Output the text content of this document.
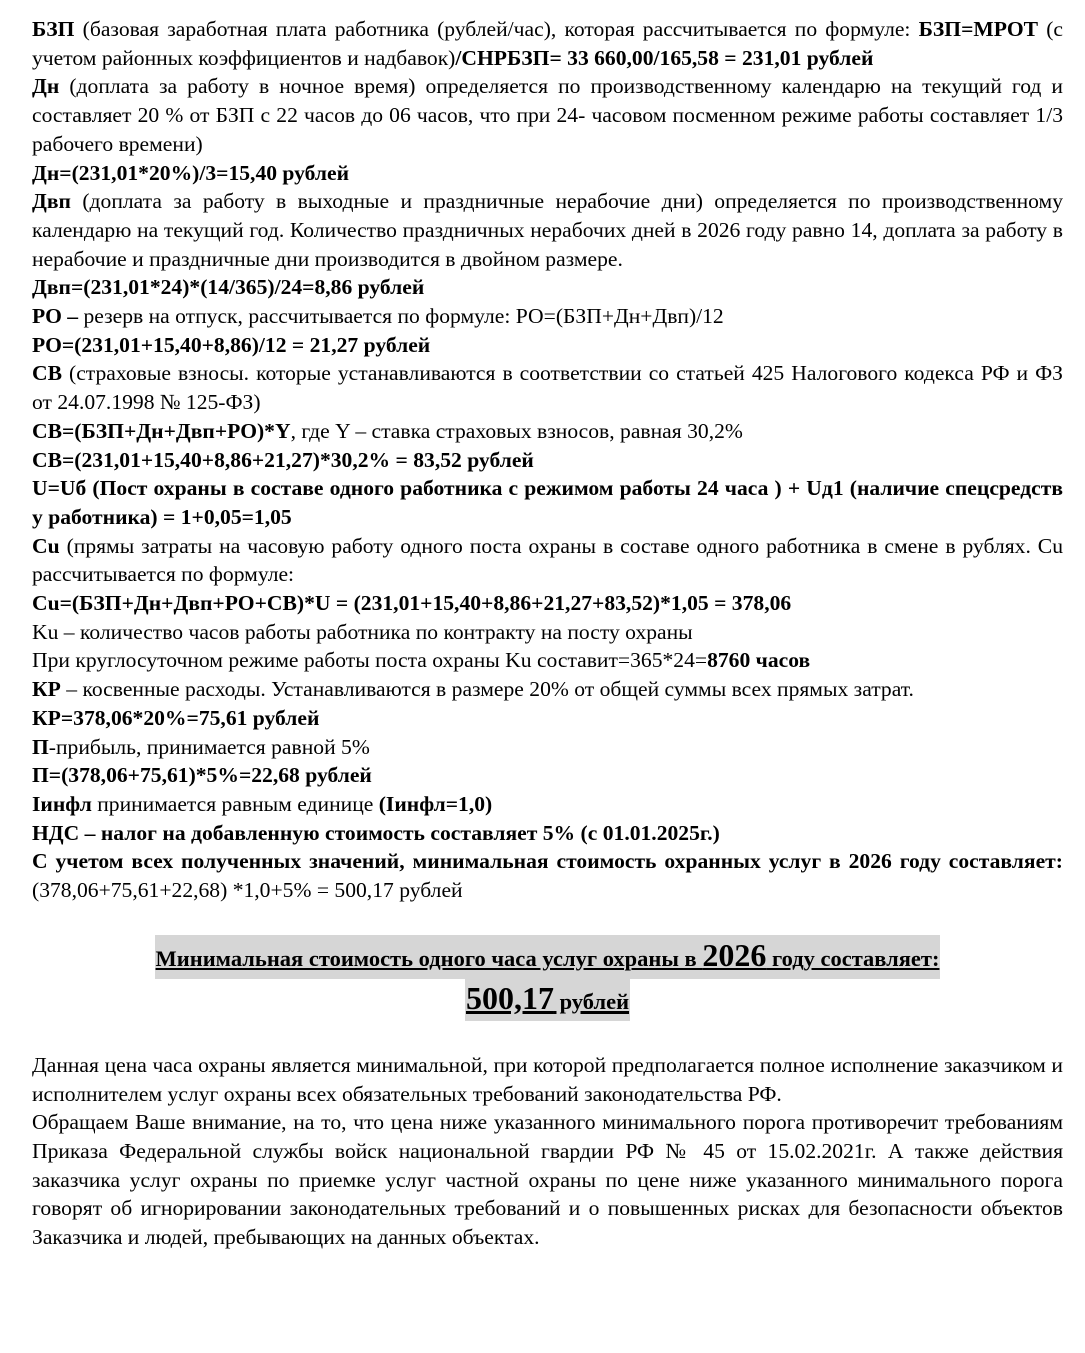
БЗП (базовая заработная плата работника (рублей/час), которая рассчитывается по формуле: БЗП=МРОТ (с учетом районных коэффициентов и надбавок)/СНРБЗП= 33 660,00/165,58 = 231,01 рублей

Дн (доплата за работу в ночное время) определяется по производственному календарю на текущий год и составляет 20 % от БЗП с 22 часов до 06 часов, что при 24- часовом посменном режиме работы составляет 1/3 рабочего времени)

Дн=(231,01*20%)/3=15,40 рублей

Двп (доплата за работу в выходные и праздничные нерабочие дни) определяется по производственному календарю на текущий год. Количество праздничных нерабочих дней в 2026 году равно 14, доплата за работу в нерабочие и праздничные дни производится в двойном размере.

Двп=(231,01*24)*(14/365)/24=8,86 рублей

РО – резерв на отпуск, рассчитывается по формуле: РО=(БЗП+Дн+Двп)/12

РО=(231,01+15,40+8,86)/12 = 21,27 рублей

СВ (страховые взносы. которые устанавливаются в соответствии со статьей 425 Налогового кодекса РФ и ФЗ от 24.07.1998 № 125-ФЗ)

СВ=(БЗП+Дн+Двп+РО)*Y, где Y – ставка страховых взносов, равная 30,2%

СВ=(231,01+15,40+8,86+21,27)*30,2% = 83,52 рублей

U=Uб (Пост охраны в составе одного работника с режимом работы 24 часа ) + Uд1 (наличие спецсредств у работника) = 1+0,05=1,05

Cu (прямы затраты на часовую работу одного поста охраны в составе одного работника в смене в рублях. Cu рассчитывается по формуле:

Cu=(БЗП+Дн+Двп+РО+СВ)*U = (231,01+15,40+8,86+21,27+83,52)*1,05 = 378,06

Ku – количество часов работы работника по контракту на посту охраны

При круглосуточном режиме работы поста охраны Ku составит=365*24=8760 часов

КР – косвенные расходы. Устанавливаются в размере 20% от общей суммы всех прямых затрат.

КР=378,06*20%=75,61 рублей

П-прибыль, принимается равной 5%

П=(378,06+75,61)*5%=22,68 рублей

Iинфл принимается равным единице (Iинфл=1,0)

НДС – налог на добавленную стоимость составляет 5% (с 01.01.2025г.)

С учетом всех полученных значений, минимальная стоимость охранных услуг в 2026 году составляет: (378,06+75,61+22,68) *1,0+5% = 500,17 рублей

Минимальная стоимость одного часа услуг охраны в 2026 году составляет:
500,17 рублей

Данная цена часа охраны является минимальной, при которой предполагается полное исполнение заказчиком и исполнителем услуг охраны всех обязательных требований законодательства РФ.

Обращаем Ваше внимание, на то, что цена ниже указанного минимального порога противоречит требованиям Приказа Федеральной службы войск национальной гвардии РФ № 45 от 15.02.2021г. А также действия заказчика услуг охраны по приемке услуг частной охраны по цене ниже указанного минимального порога говорят об игнорировании законодательных требований и о повышенных рисках для безопасности объектов Заказчика и людей, пребывающих на данных объектах.
